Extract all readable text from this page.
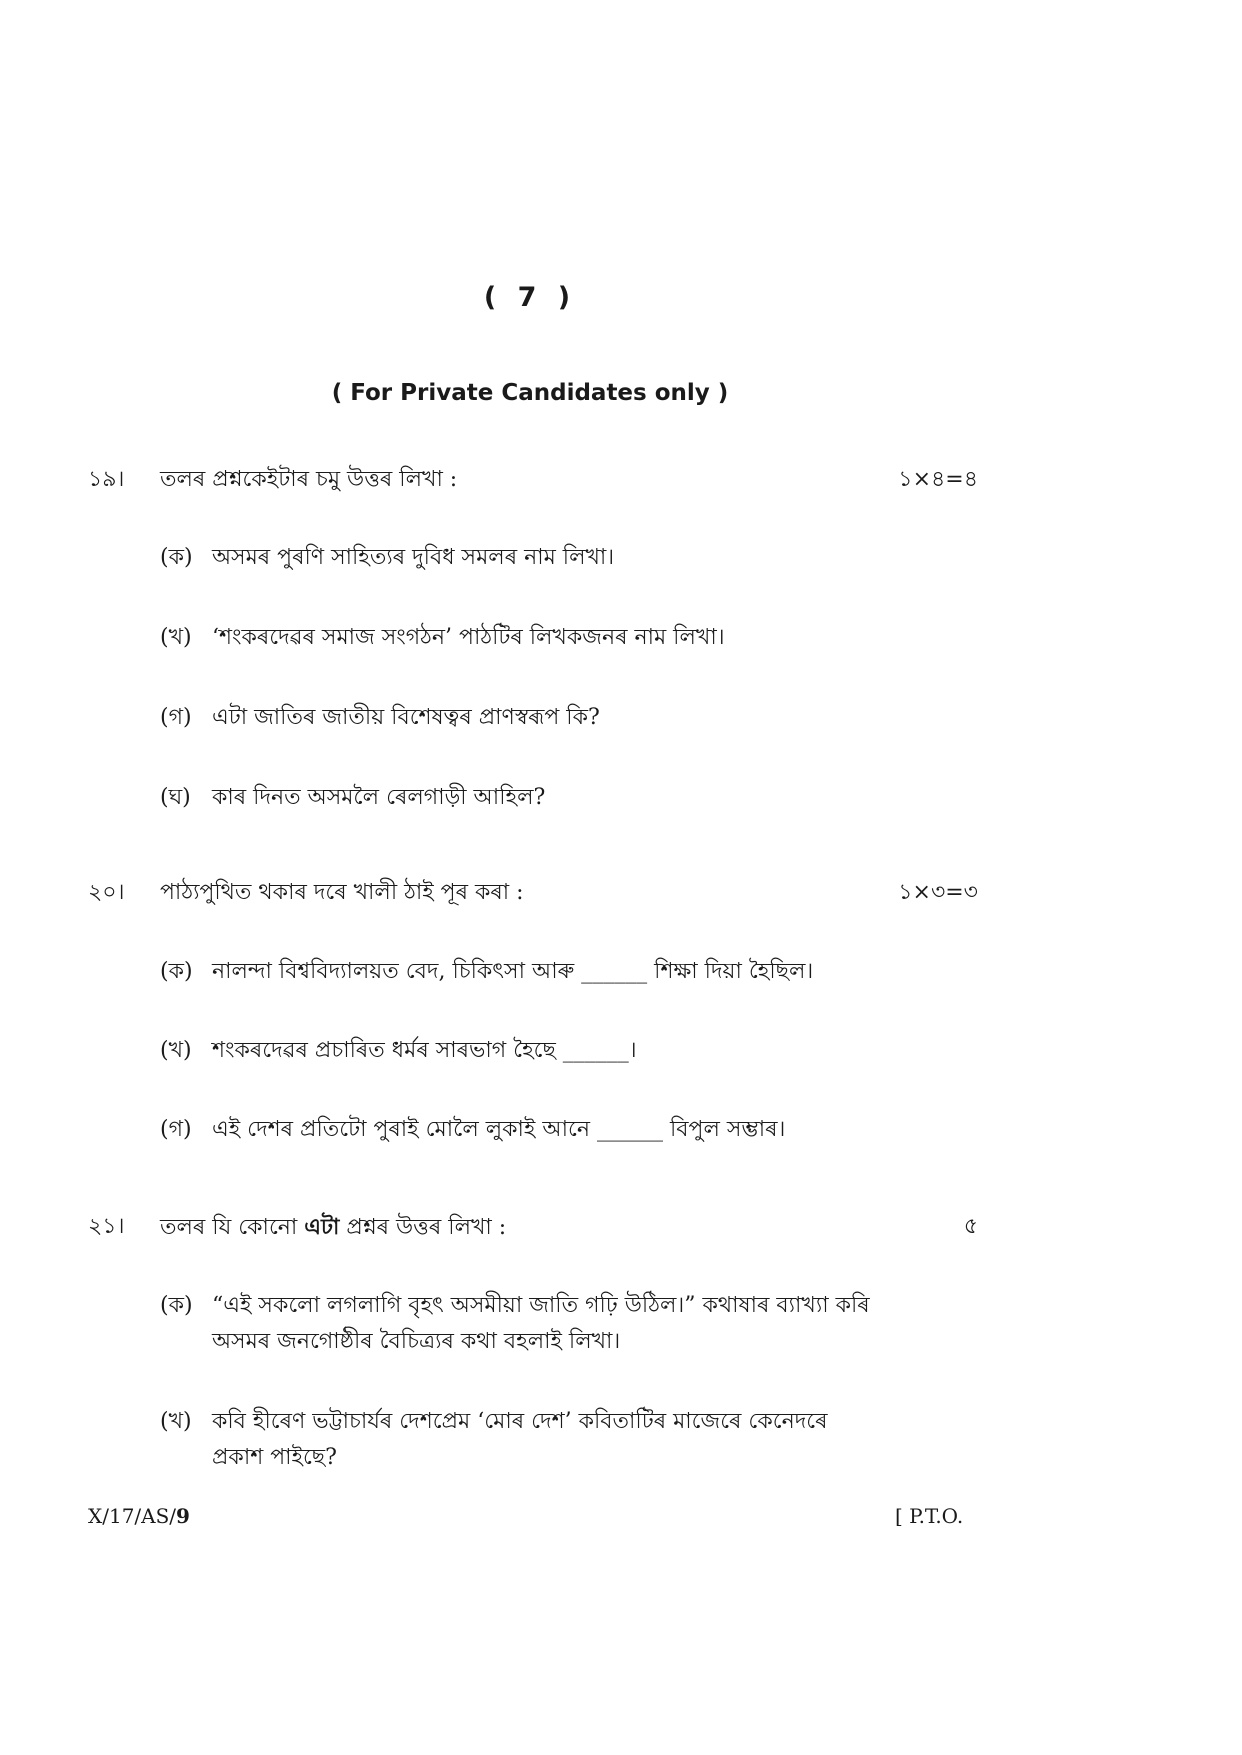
( 7 )
( For Private Candidates only )
১৯।	তলৰ প্ৰশ্নকেইটাৰ চমু উত্তৰ লিখা :	১×৪=৪
(ক) অসমৰ পুৰণি সাহিত্যৰ দুবিধ সমলৰ নাম লিখা।
(খ) ‘শংকৰদেৱৰ সমাজ সংগঠন’ পাঠটিৰ লিখকজনৰ নাম লিখা।
(গ) এটা জাতিৰ জাতীয় বিশেষত্বৰ প্ৰাণস্বৰূপ কি?
(ঘ) কাৰ দিনত অসমলৈ ৰেলগাড়ী আহিল?
২০।	পাঠ্যপুথিত থকাৰ দৰে খালী ঠাই পূৰ কৰা :	১×৩=৩
(ক) নালন্দা বিশ্ববিদ্যালয়ত বেদ, চিকিৎসা আৰু ______ শিক্ষা দিয়া হৈছিল।
(খ) শংকৰদেৱৰ প্ৰচাৰিত ধৰ্মৰ সাৰভাগ হৈছে ______।
(গ) এই দেশৰ প্ৰতিটো পুৰাই মোলৈ লুকাই আনে ______ বিপুল সম্ভাৰ।
২১।	তলৰ যি কোনো এটা প্ৰশ্নৰ উত্তৰ লিখা :	৫
(ক) “এই সকলো লগলাগি বৃহৎ অসমীয়া জাতি গঢ়ি উঠিল।” কথাষাৰ ব্যাখ্যা কৰি
অসমৰ জনগোষ্ঠীৰ বৈচিত্ৰ্যৰ কথা বহলাই লিখা।
(খ) কবি হীৰেণ ভট্টাচাৰ্যৰ দেশপ্ৰেম ‘মোৰ দেশ’ কবিতাটিৰ মাজেৰে কেনেদৰে
প্ৰকাশ পাইছে?
X/17/AS/9	[ P.T.O.
